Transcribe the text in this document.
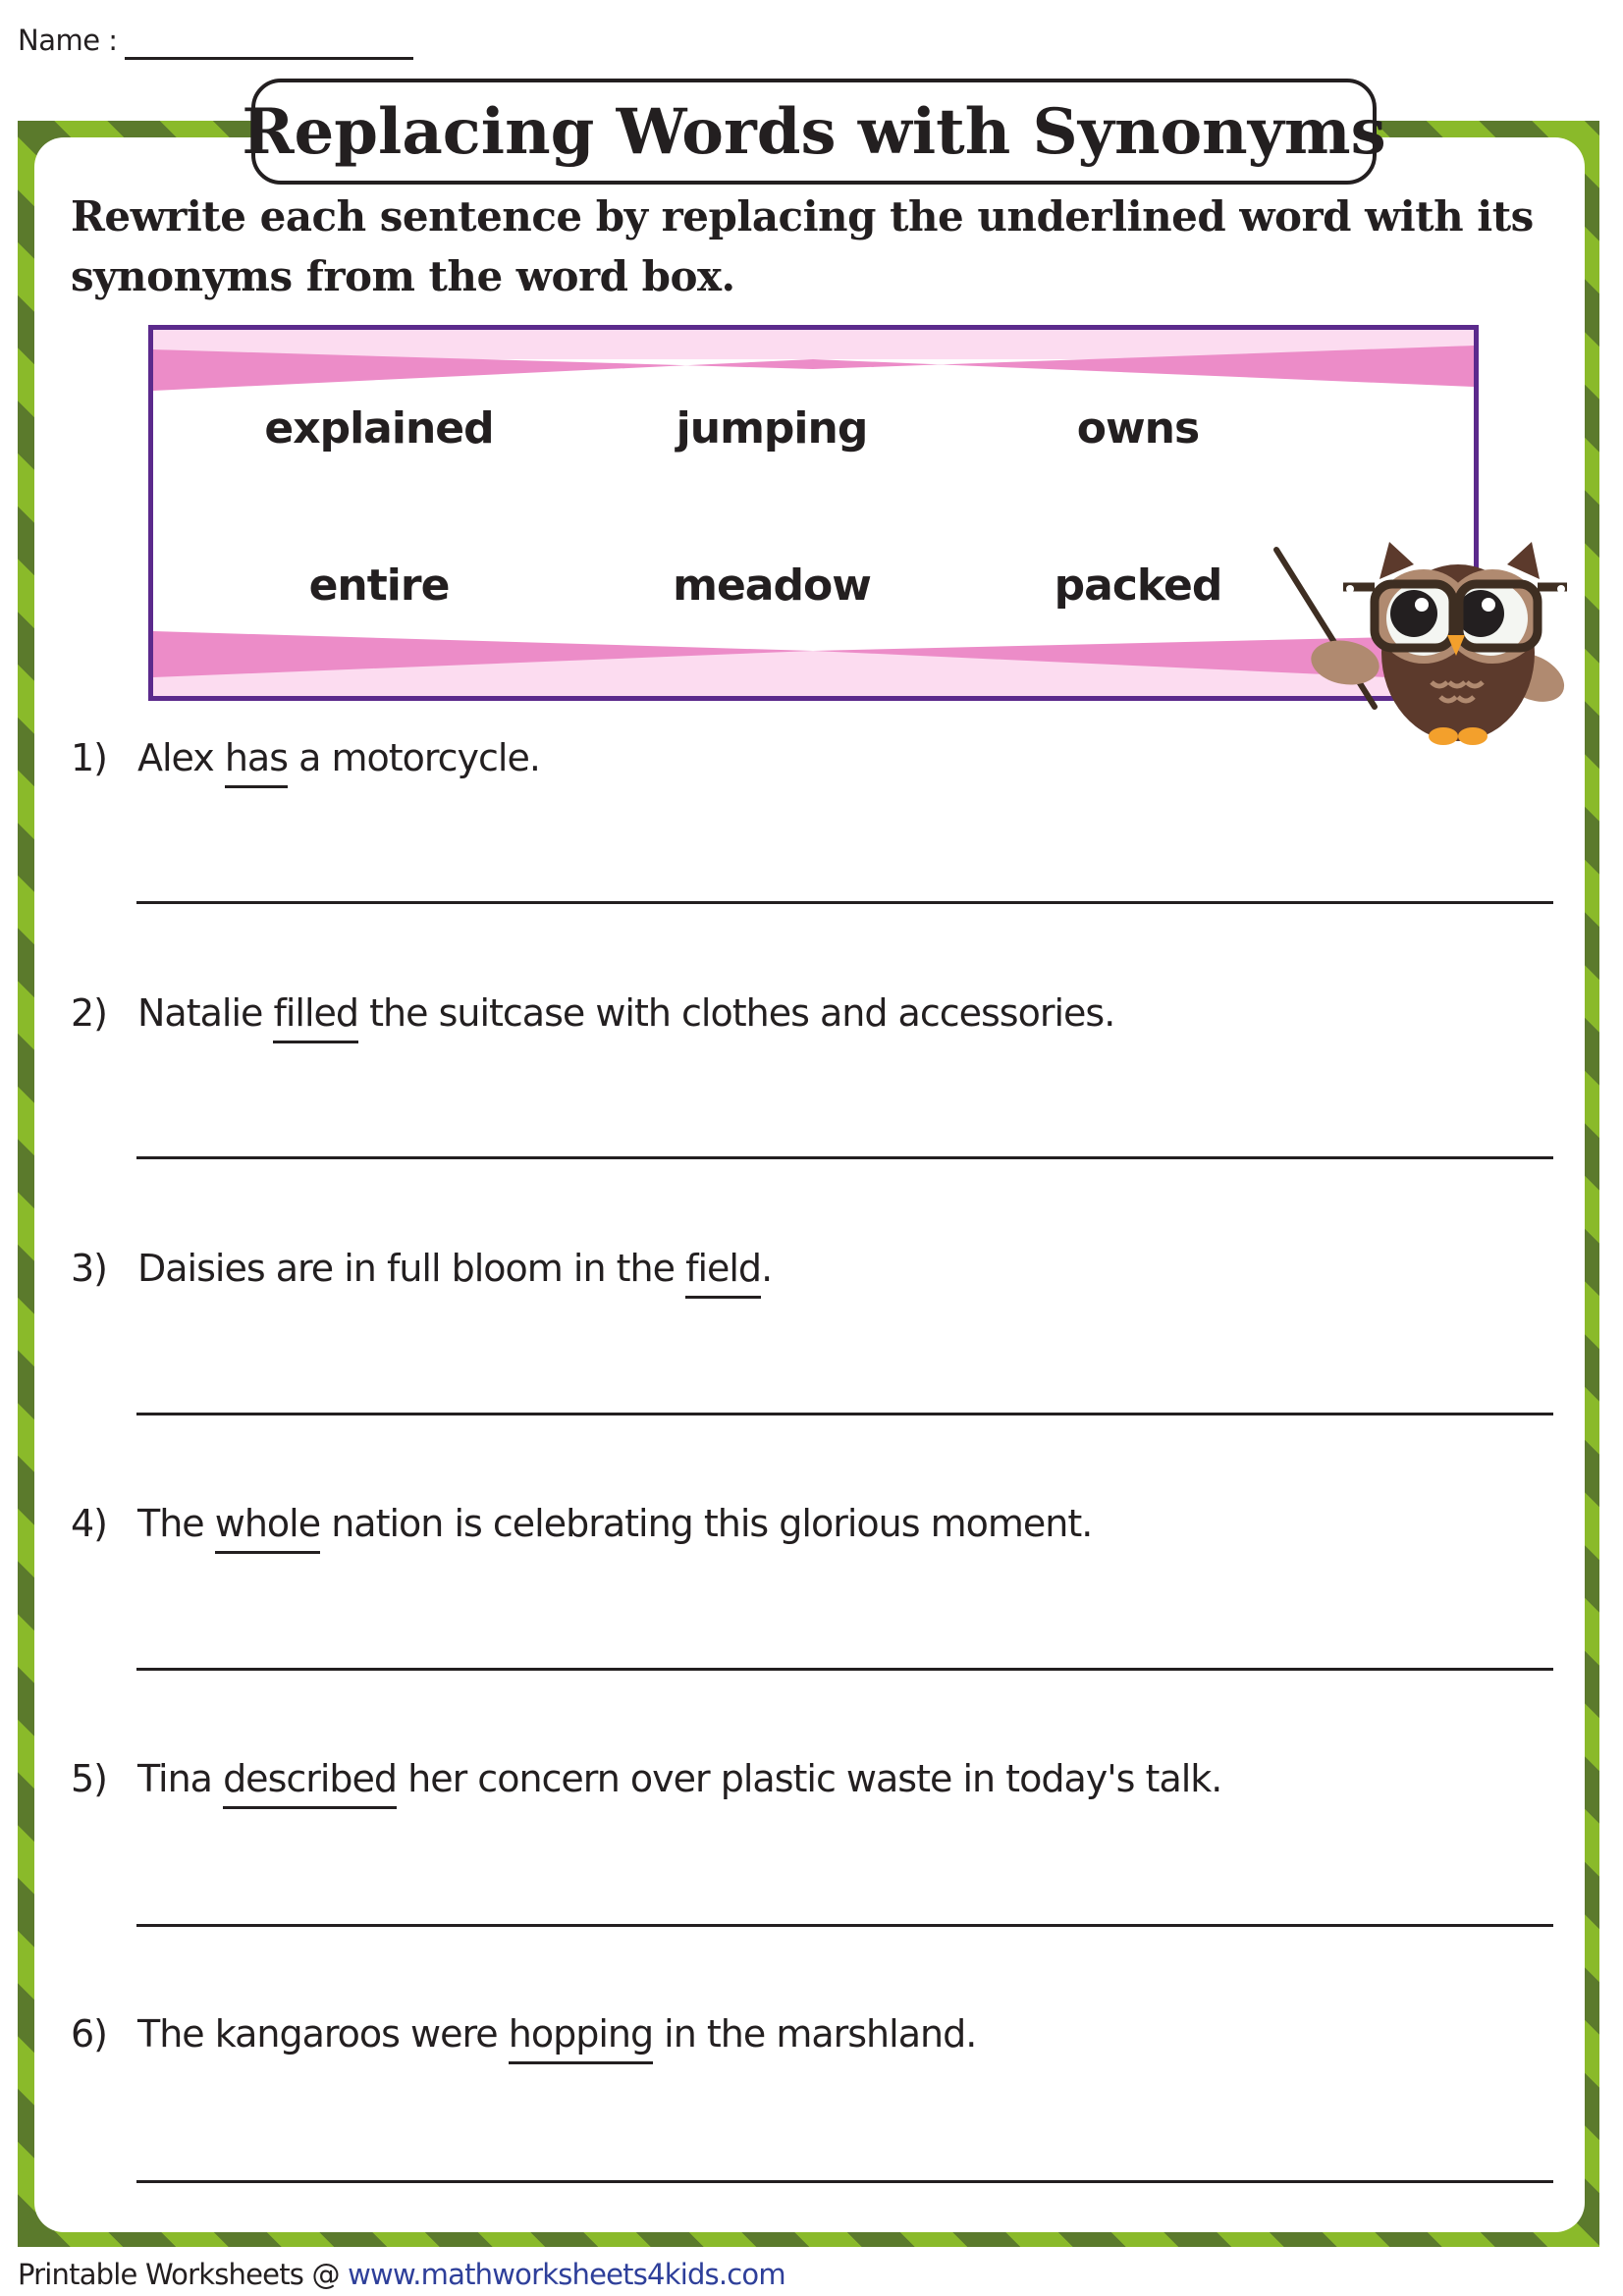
Name :
Replacing Words with Synonyms
Rewrite each sentence by replacing the underlined word with its synonyms from the word box.
explained	jumping	owns
entire	meadow	packed
1) Alex has a motorcycle.
2) Natalie filled the suitcase with clothes and accessories.
3) Daisies are in full bloom in the field.
4) The whole nation is celebrating this glorious moment.
5) Tina described her concern over plastic waste in today's talk.
6) The kangaroos were hopping in the marshland.
Printable Worksheets @ www.mathworksheets4kids.com
